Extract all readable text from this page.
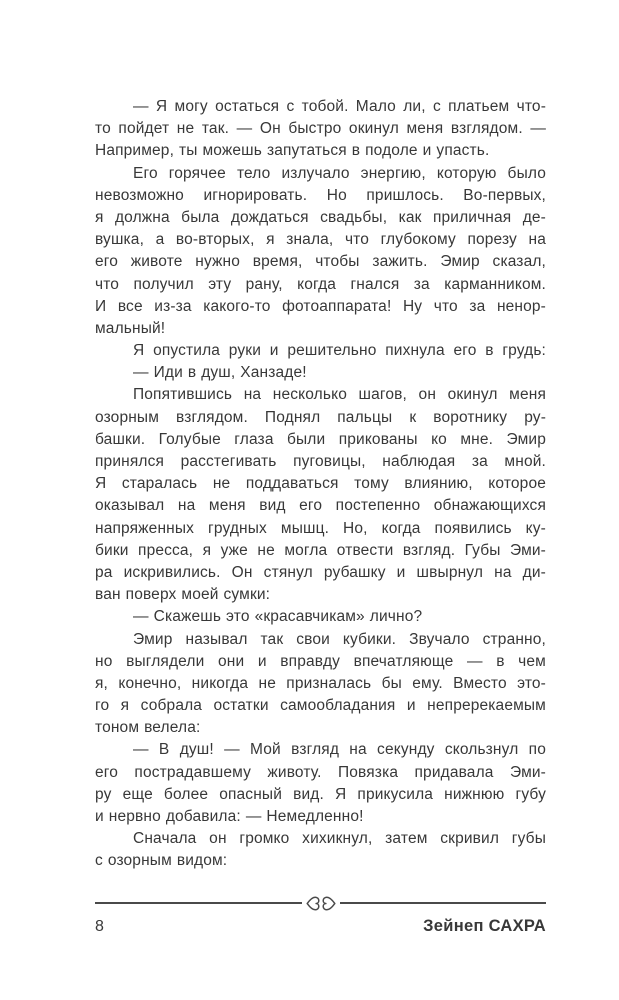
— Я могу остаться с тобой. Мало ли, с платьем что-
то пойдет не так. — Он быстро окинул меня взглядом. —
Например, ты можешь запутаться в подоле и упасть.
Его горячее тело излучало энергию, которую было
невозможно игнорировать. Но пришлось. Во-первых,
я должна была дождаться свадьбы, как приличная де-
вушка, а во-вторых, я знала, что глубокому порезу на
его животе нужно время, чтобы зажить. Эмир сказал,
что получил эту рану, когда гнался за карманником.
И все из-за какого-то фотоаппарата! Ну что за ненор-
мальный!
Я опустила руки и решительно пихнула его в грудь:
— Иди в душ, Ханзаде!
Попятившись на несколько шагов, он окинул меня
озорным взглядом. Поднял пальцы к воротнику ру-
башки. Голубые глаза были прикованы ко мне. Эмир
принялся расстегивать пуговицы, наблюдая за мной.
Я старалась не поддаваться тому влиянию, которое
оказывал на меня вид его постепенно обнажающихся
напряженных грудных мышц. Но, когда появились ку-
бики пресса, я уже не могла отвести взгляд. Губы Эми-
ра искривились. Он стянул рубашку и швырнул на ди-
ван поверх моей сумки:
— Скажешь это «красавчикам» лично?
Эмир называл так свои кубики. Звучало странно,
но выглядели они и вправду впечатляюще — в чем
я, конечно, никогда не призналась бы ему. Вместо это-
го я собрала остатки самообладания и непререкаемым
тоном велела:
— В душ! — Мой взгляд на секунду скользнул по
его пострадавшему животу. Повязка придавала Эми-
ру еще более опасный вид. Я прикусила нижнюю губу
и нервно добавила: — Немедленно!
Сначала он громко хихикнул, затем скривил губы
с озорным видом:
8	Зейнеп САХРА
